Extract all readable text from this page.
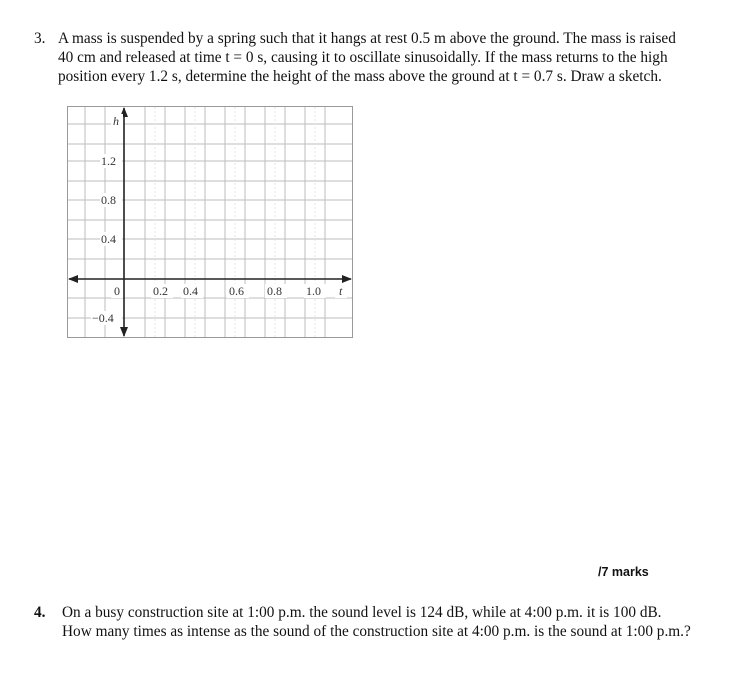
3. A mass is suspended by a spring such that it hangs at rest 0.5 m above the ground. The mass is raised
40 cm and released at time t = 0 s, causing it to oscillate sinusoidally. If the mass returns to the high
position every 1.2 s, determine the height of the mass above the ground at t = 0.7 s. Draw a sketch.
h
1.2
0.8
0.4
0
−0.4
0.2 0.4	0.6 0.8 1.0 t
/7 marks
4. On a busy construction site at 1:00 p.m. the sound level is 124 dB, while at 4:00 p.m. it is 100 dB.
How many times as intense as the sound of the construction site at 4:00 p.m. is the sound at 1:00 p.m.?
